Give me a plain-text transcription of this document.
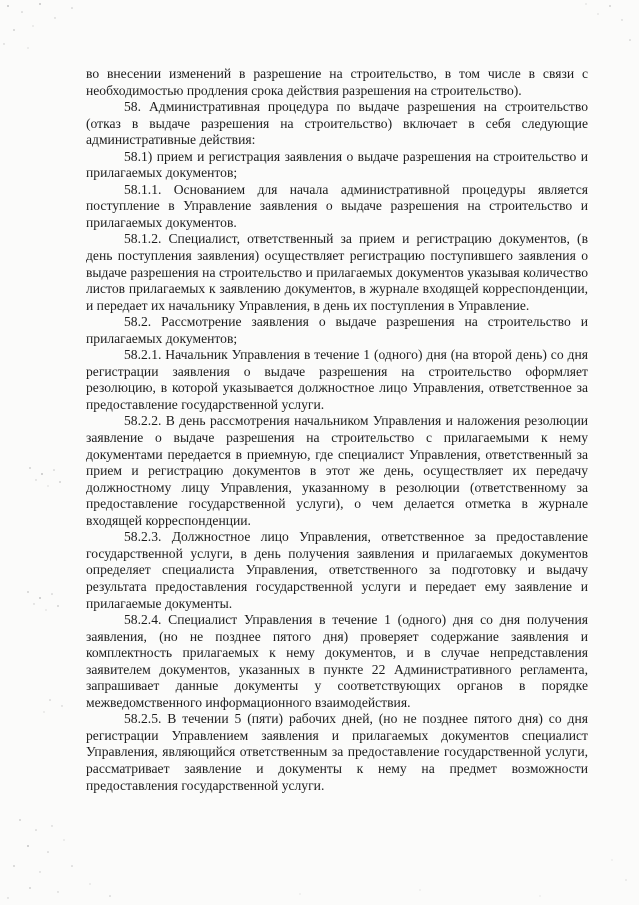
во внесении изменений в разрешение на строительство, в том числе в связи с необходимостью продления срока действия разрешения на строительство).

58. Административная процедура по выдаче разрешения на строительство (отказ в выдаче разрешения на строительство) включает в себя следующие административные действия:

58.1) прием и регистрация заявления о выдаче разрешения на строительство и прилагаемых документов;

58.1.1. Основанием для начала административной процедуры является поступление в Управление заявления о выдаче разрешения на строительство и прилагаемых документов.

58.1.2. Специалист, ответственный за прием и регистрацию документов, (в день поступления заявления) осуществляет регистрацию поступившего заявления о выдаче разрешения на строительство и прилагаемых документов указывая количество листов прилагаемых к заявлению документов, в журнале входящей корреспонденции, и передает их начальнику Управления, в день их поступления в Управление.

58.2. Рассмотрение заявления о выдаче разрешения на строительство и прилагаемых документов;

58.2.1. Начальник Управления в течение 1 (одного) дня (на второй день) со дня регистрации заявления о выдаче разрешения на строительство оформляет резолюцию, в которой указывается должностное лицо Управления, ответственное за предоставление государственной услуги.

58.2.2. В день рассмотрения начальником Управления и наложения резолюции заявление о выдаче разрешения на строительство с прилагаемыми к нему документами передается в приемную, где специалист Управления, ответственный за прием и регистрацию документов в этот же день, осуществляет их передачу должностному лицу Управления, указанному в резолюции (ответственному за предоставление государственной услуги), о чем делается отметка в журнале входящей корреспонденции.

58.2.3. Должностное лицо Управления, ответственное за предоставление государственной услуги, в день получения заявления и прилагаемых документов определяет специалиста Управления, ответственного за подготовку и выдачу результата предоставления государственной услуги и передает ему заявление и прилагаемые документы.

58.2.4. Специалист Управления в течение 1 (одного) дня со дня получения заявления, (но не позднее пятого дня) проверяет содержание заявления и комплектность прилагаемых к нему документов, и в случае непредставления заявителем документов, указанных в пункте 22 Административного регламента, запрашивает данные документы у соответствующих органов в порядке межведомственного информационного взаимодействия.

58.2.5. В течении 5 (пяти) рабочих дней, (но не позднее пятого дня) со дня регистрации Управлением заявления и прилагаемых документов специалист Управления, являющийся ответственным за предоставление государственной услуги, рассматривает заявление и документы к нему на предмет возможности предоставления государственной услуги.
